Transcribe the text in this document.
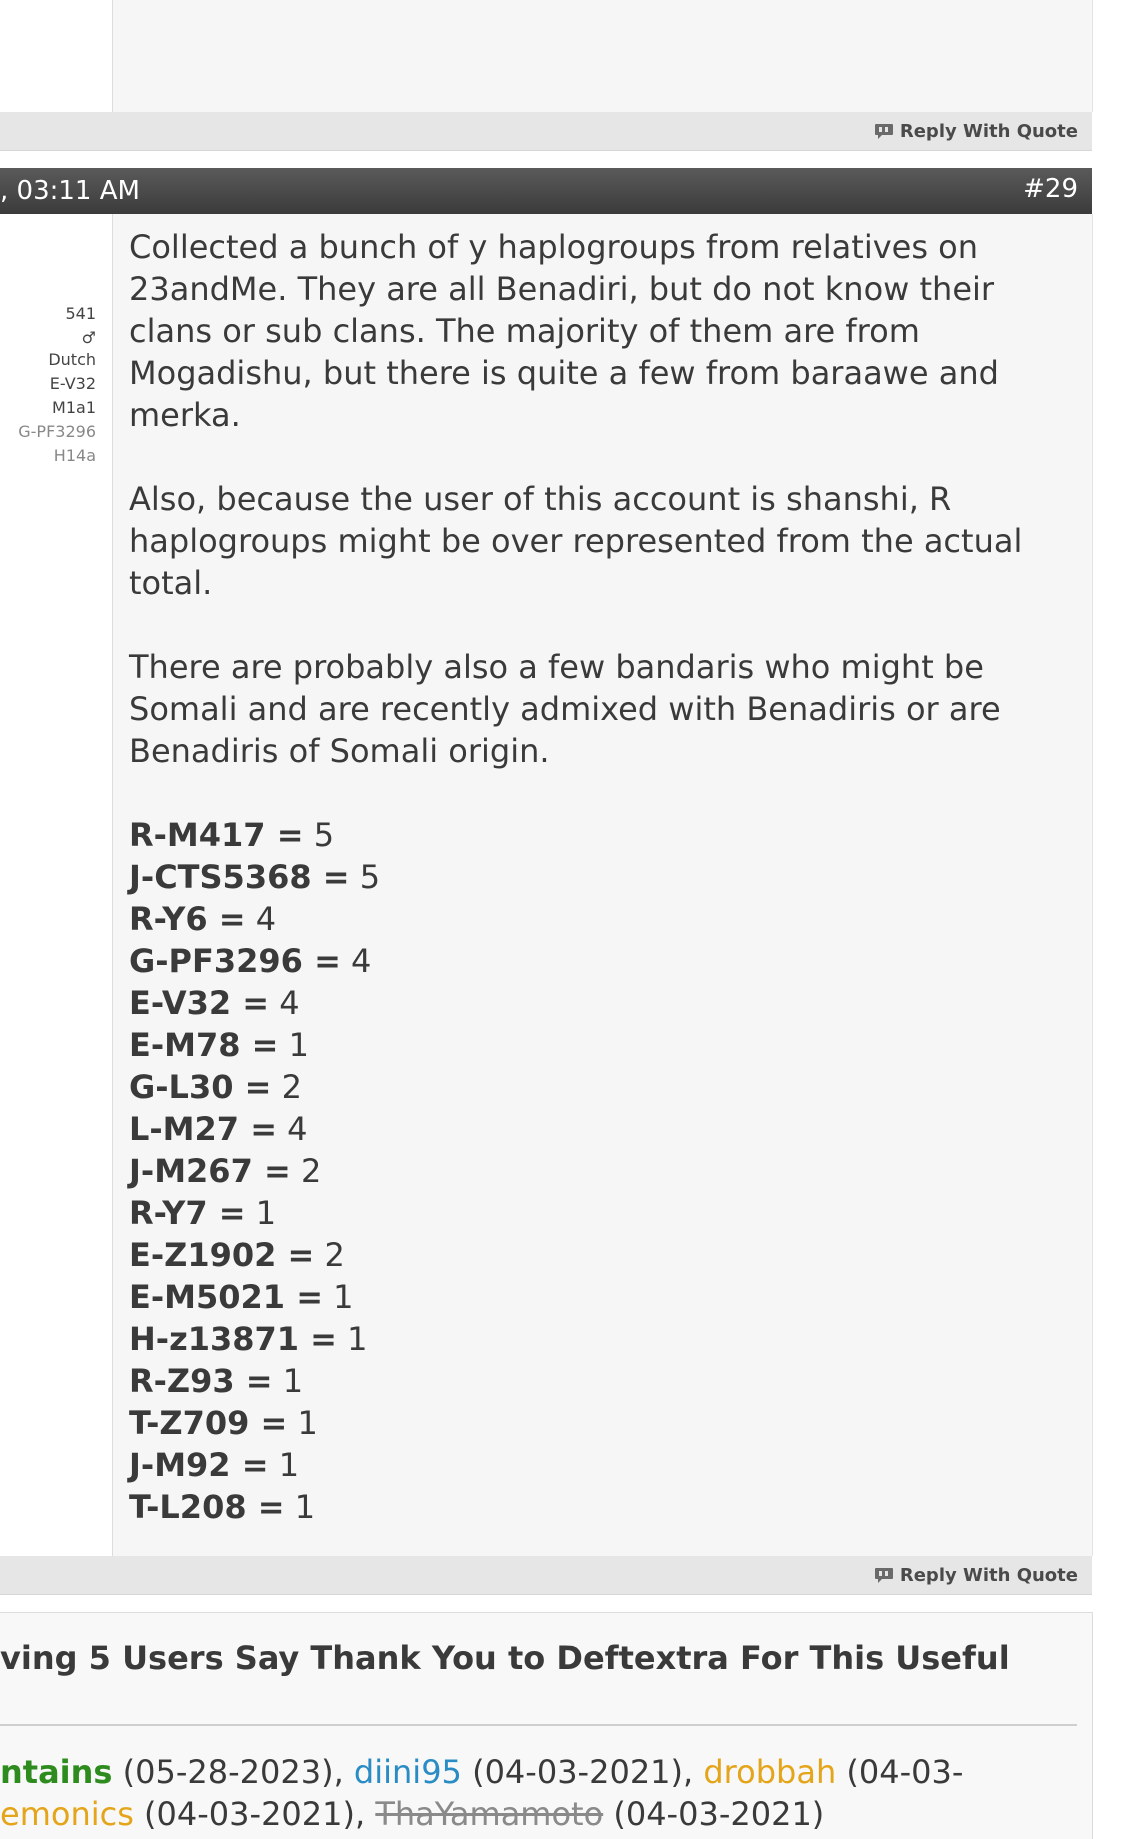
Reply With Quote
, 03:11 AM	#29
541
♂
Dutch
E-V32
M1a1
G-PF3296
H14a

Collected a bunch of y haplogroups from relatives on 23andMe. They are all Benadiri, but do not know their clans or sub clans. The majority of them are from Mogadishu, but there is quite a few from baraawe and merka.

Also, because the user of this account is shanshi, R haplogroups might be over represented from the actual total.

There are probably also a few bandaris who might be Somali and are recently admixed with Benadiris or are Benadiris of Somali origin.

R-M417 = 5
J-CTS5368 = 5
R-Y6 = 4
G-PF3296 = 4
E-V32 = 4
E-M78 = 1
G-L30 = 2
L-M27 = 4
J-M267 = 2
R-Y7 = 1
E-Z1902 = 2
E-M5021 = 1
H-z13871 = 1
R-Z93 = 1
T-Z709 = 1
J-M92 = 1
T-L208 = 1
Reply With Quote
ving 5 Users Say Thank You to Deftextra For This Useful
ntains (05-28-2023), diini95 (04-03-2021), drobbah (04-03-
emonics (04-03-2021), ThaYamamoto (04-03-2021)
